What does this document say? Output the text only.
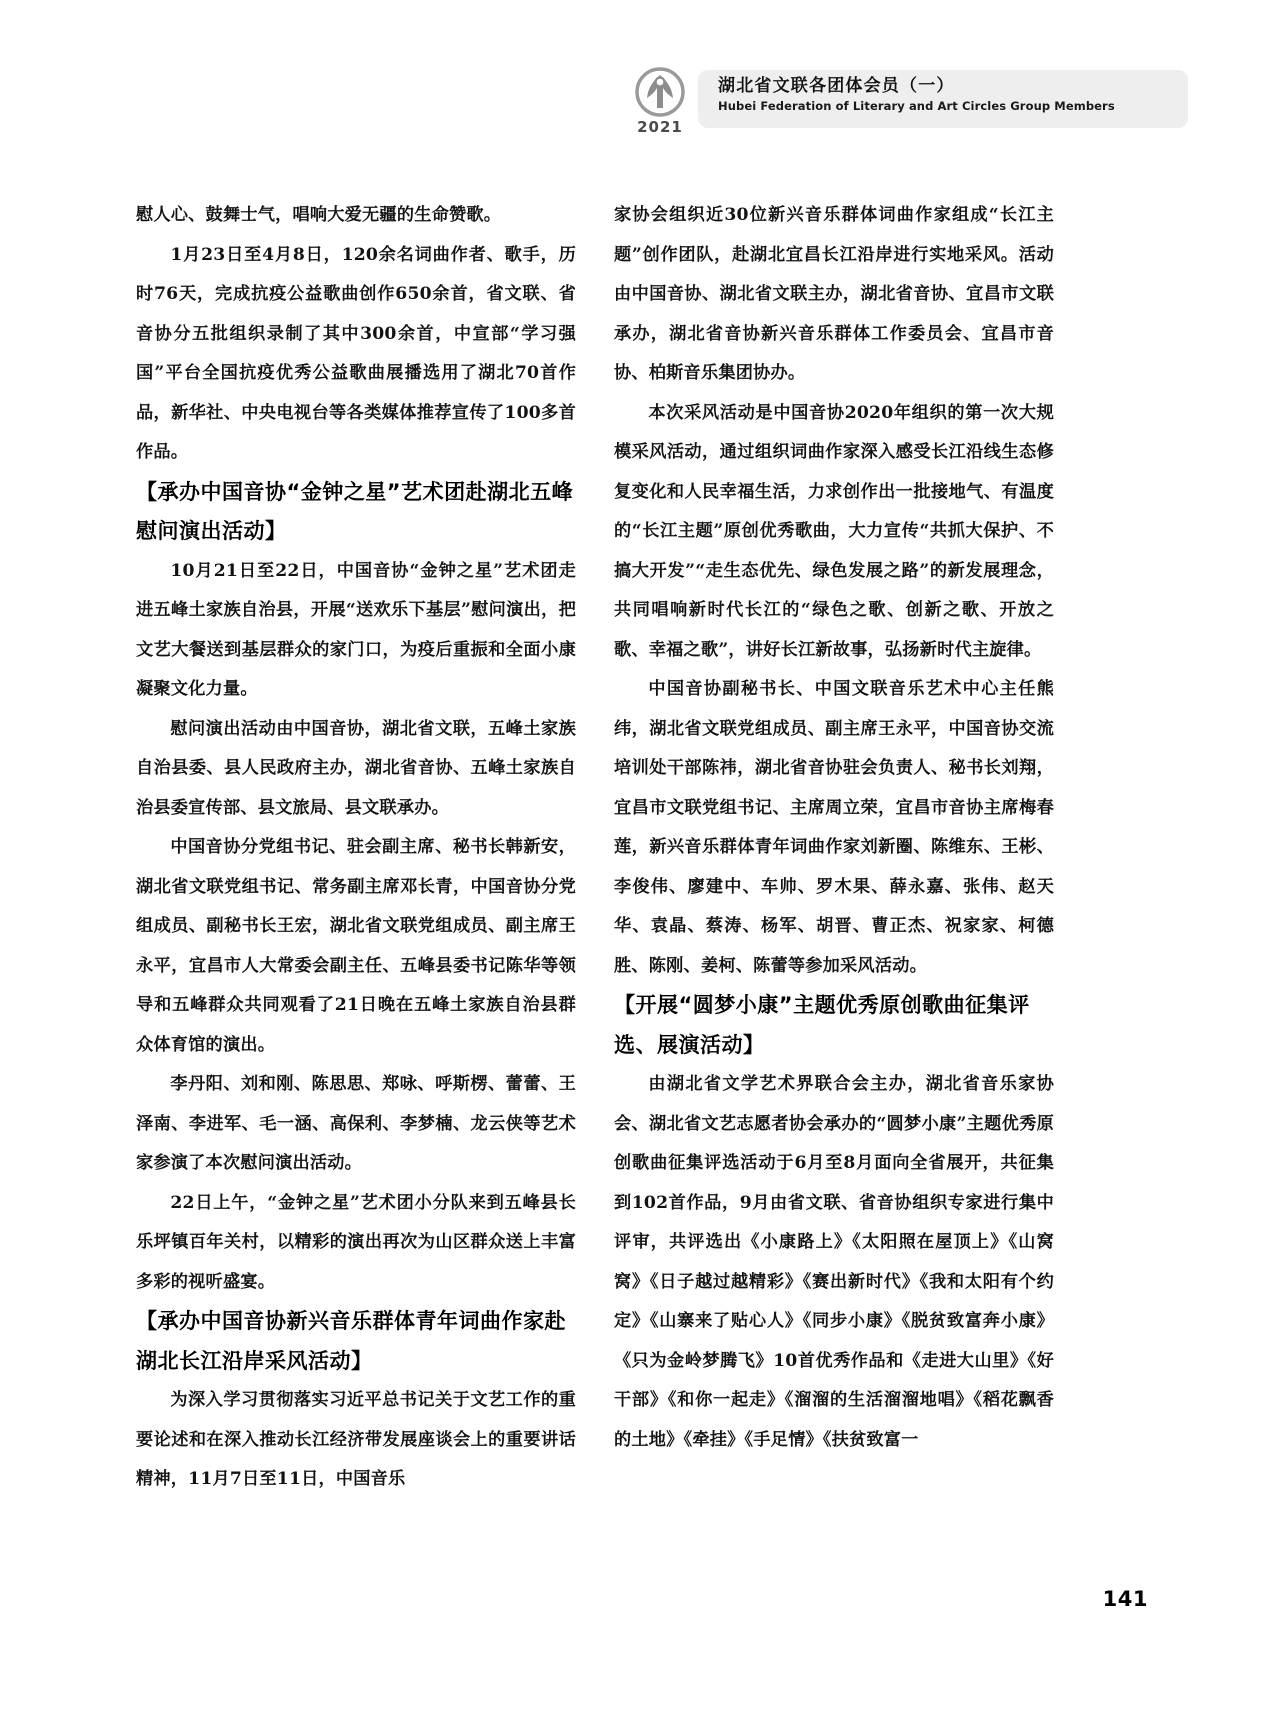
2021
湖北省文联各团体会员（一）
Hubei Federation of Literary and Art Circles Group Members

慰人心、鼓舞士气，唱响大爱无疆的生命赞歌。

1月23日至4月8日，120余名词曲作者、歌手，历时76天，完成抗疫公益歌曲创作650余首，省文联、省音协分五批组织录制了其中300余首，中宣部“学习强国”平台全国抗疫优秀公益歌曲展播选用了湖北70首作品，新华社、中央电视台等各类媒体推荐宣传了100多首作品。

【承办中国音协“金钟之星”艺术团赴湖北五峰慰问演出活动】

10月21日至22日，中国音协“金钟之星”艺术团走进五峰土家族自治县，开展“送欢乐下基层”慰问演出，把文艺大餐送到基层群众的家门口，为疫后重振和全面小康凝聚文化力量。

慰问演出活动由中国音协，湖北省文联，五峰土家族自治县委、县人民政府主办，湖北省音协、五峰土家族自治县委宣传部、县文旅局、县文联承办。

中国音协分党组书记、驻会副主席、秘书长韩新安，湖北省文联党组书记、常务副主席邓长青，中国音协分党组成员、副秘书长王宏，湖北省文联党组成员、副主席王永平，宜昌市人大常委会副主任、五峰县委书记陈华等领导和五峰群众共同观看了21日晚在五峰土家族自治县群众体育馆的演出。

李丹阳、刘和刚、陈思思、郑咏、呼斯楞、蕾蕾、王泽南、李进军、毛一涵、高保利、李梦楠、龙云侠等艺术家参演了本次慰问演出活动。

22日上午，“金钟之星”艺术团小分队来到五峰县长乐坪镇百年关村，以精彩的演出再次为山区群众送上丰富多彩的视听盛宴。

【承办中国音协新兴音乐群体青年词曲作家赴湖北长江沿岸采风活动】

为深入学习贯彻落实习近平总书记关于文艺工作的重要论述和在深入推动长江经济带发展座谈会上的重要讲话精神，11月7日至11日，中国音乐

家协会组织近30位新兴音乐群体词曲作家组成“长江主题”创作团队，赴湖北宜昌长江沿岸进行实地采风。活动由中国音协、湖北省文联主办，湖北省音协、宜昌市文联承办，湖北省音协新兴音乐群体工作委员会、宜昌市音协、柏斯音乐集团协办。

本次采风活动是中国音协2020年组织的第一次大规模采风活动，通过组织词曲作家深入感受长江沿线生态修复变化和人民幸福生活，力求创作出一批接地气、有温度的“长江主题”原创优秀歌曲，大力宣传“共抓大保护、不搞大开发”“走生态优先、绿色发展之路”的新发展理念，共同唱响新时代长江的“绿色之歌、创新之歌、开放之歌、幸福之歌”，讲好长江新故事，弘扬新时代主旋律。

中国音协副秘书长、中国文联音乐艺术中心主任熊纬，湖北省文联党组成员、副主席王永平，中国音协交流培训处干部陈祎，湖北省音协驻会负责人、秘书长刘翔，宜昌市文联党组书记、主席周立荣，宜昌市音协主席梅春莲，新兴音乐群体青年词曲作家刘新圈、陈维东、王彬、李俊伟、廖建中、车帅、罗木果、薛永嘉、张伟、赵天华、袁晶、蔡涛、杨军、胡晋、曹正杰、祝家家、柯德胜、陈刚、姜柯、陈蕾等参加采风活动。

【开展“圆梦小康”主题优秀原创歌曲征集评选、展演活动】

由湖北省文学艺术界联合会主办，湖北省音乐家协会、湖北省文艺志愿者协会承办的“圆梦小康”主题优秀原创歌曲征集评选活动于6月至8月面向全省展开，共征集到102首作品，9月由省文联、省音协组织专家进行集中评审，共评选出《小康路上》《太阳照在屋顶上》《山窝窝》《日子越过越精彩》《赛出新时代》《我和太阳有个约定》《山寨来了贴心人》《同步小康》《脱贫致富奔小康》《只为金岭梦腾飞》10首优秀作品和《走进大山里》《好干部》《和你一起走》《溜溜的生活溜溜地唱》《稻花飘香的土地》《牵挂》《手足情》《扶贫致富一

141
